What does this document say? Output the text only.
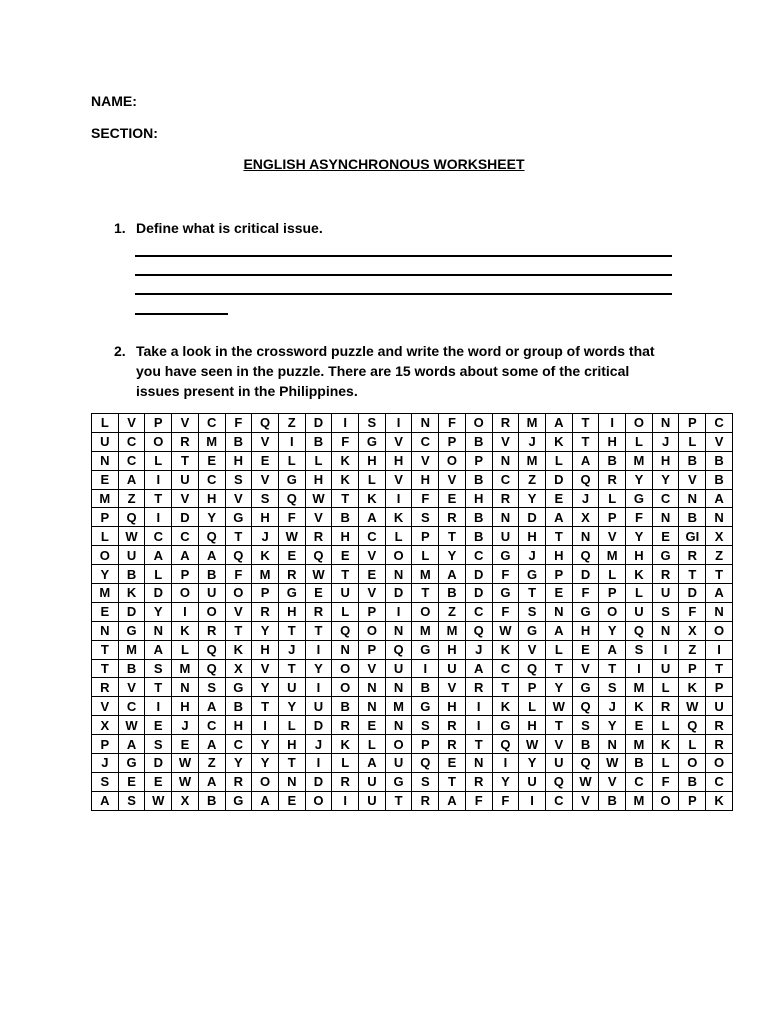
NAME:
SECTION:
ENGLISH ASYNCHRONOUS WORKSHEET
1. Define what is critical issue.
2. Take a look in the crossword puzzle and write the word or group of words that you have seen in the puzzle. There are 15 words about some of the critical issues present in the Philippines.
L	V	P	V	C	F	Q	Z	D	I	S	I	N	F	O	R	M	A	T	I	O	N	P	C
U	C	O	R	M	B	V	I	B	F	G	V	C	P	B	V	J	K	T	H	L	J	L	V
N	C	L	T	E	H	E	L	L	K	H	H	V	O	P	N	M	L	A	B	M	H	B	B
E	A	I	U	C	S	V	G	H	K	L	V	H	V	B	C	Z	D	Q	R	Y	Y	V	B
M	Z	T	V	H	V	S	Q	W	T	K	I	F	E	H	R	Y	E	J	L	G	C	N	A
P	Q	I	D	Y	G	H	F	V	B	A	K	S	R	B	N	D	A	X	P	F	N	B	N
L	W	C	C	Q	T	J	W	R	H	C	L	P	T	B	U	H	T	N	V	Y	E	GI	X
O	U	A	A	A	Q	K	E	Q	E	V	O	L	Y	C	G	J	H	Q	M	H	G	R	Z
Y	B	L	P	B	F	M	R	W	T	E	N	M	A	D	F	G	P	D	L	K	R	T	T
M	K	D	O	U	O	P	G	E	U	V	D	T	B	D	G	T	E	F	P	L	U	D	A
E	D	Y	I	O	V	R	H	R	L	P	I	O	Z	C	F	S	N	G	O	U	S	F	N
N	G	N	K	R	T	Y	T	T	Q	O	N	M	M	Q	W	G	A	H	Y	Q	N	X	O
T	M	A	L	Q	K	H	J	I	N	P	Q	G	H	J	K	V	L	E	A	S	I	Z	I
T	B	S	M	Q	X	V	T	Y	O	V	U	I	U	A	C	Q	T	V	T	I	U	P	T
R	V	T	N	S	G	Y	U	I	O	N	N	B	V	R	T	P	Y	G	S	M	L	K	P
V	C	I	H	A	B	T	Y	U	B	N	M	G	H	I	K	L	W	Q	J	K	R	W	U
X	W	E	J	C	H	I	L	D	R	E	N	S	R	I	G	H	T	S	Y	E	L	Q	R
P	A	S	E	A	C	Y	H	J	K	L	O	P	R	T	Q	W	V	B	N	M	K	L	R
J	G	D	W	Z	Y	Y	T	I	L	A	U	Q	E	N	I	Y	U	Q	W	B	L	O	O
S	E	E	W	A	R	O	N	D	R	U	G	S	T	R	Y	U	Q	W	V	C	F	B	C
A	S	W	X	B	G	A	E	O	I	U	T	R	A	F	F	I	C	V	B	M	O	P	K
